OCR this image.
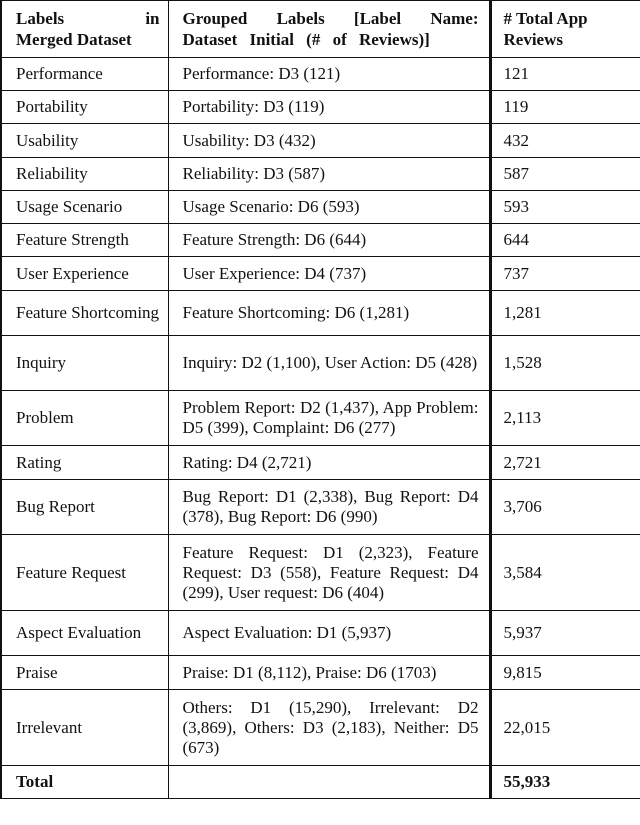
Labels in
Merged Dataset	Grouped Labels [Label Name: Dataset Initial (# of Reviews)]	# Total App Reviews
Performance	Performance: D3 (121)	121
Portability	Portability: D3 (119)	119
Usability	Usability: D3 (432)	432
Reliability	Reliability: D3 (587)	587
Usage Scenario	Usage Scenario: D6 (593)	593
Feature Strength	Feature Strength: D6 (644)	644
User Experience	User Experience: D4 (737)	737
Feature Shortcoming	Feature Shortcoming: D6 (1,281)	1,281
Inquiry	Inquiry: D2 (1,100), User Action: D5 (428)	1,528
Problem	Problem Report: D2 (1,437), App Problem: D5 (399), Complaint: D6 (277)	2,113
Rating	Rating: D4 (2,721)	2,721
Bug Report	Bug Report: D1 (2,338), Bug Report: D4 (378), Bug Report: D6 (990)	3,706
Feature Request	Feature Request: D1 (2,323), Feature Request: D3 (558), Feature Request: D4 (299), User request: D6 (404)	3,584
Aspect Evaluation	Aspect Evaluation: D1 (5,937)	5,937
Praise	Praise: D1 (8,112), Praise: D6 (1703)	9,815
Irrelevant	Others: D1 (15,290), Irrelevant: D2 (3,869), Others: D3 (2,183), Neither: D5 (673)	22,015
Total		55,933
